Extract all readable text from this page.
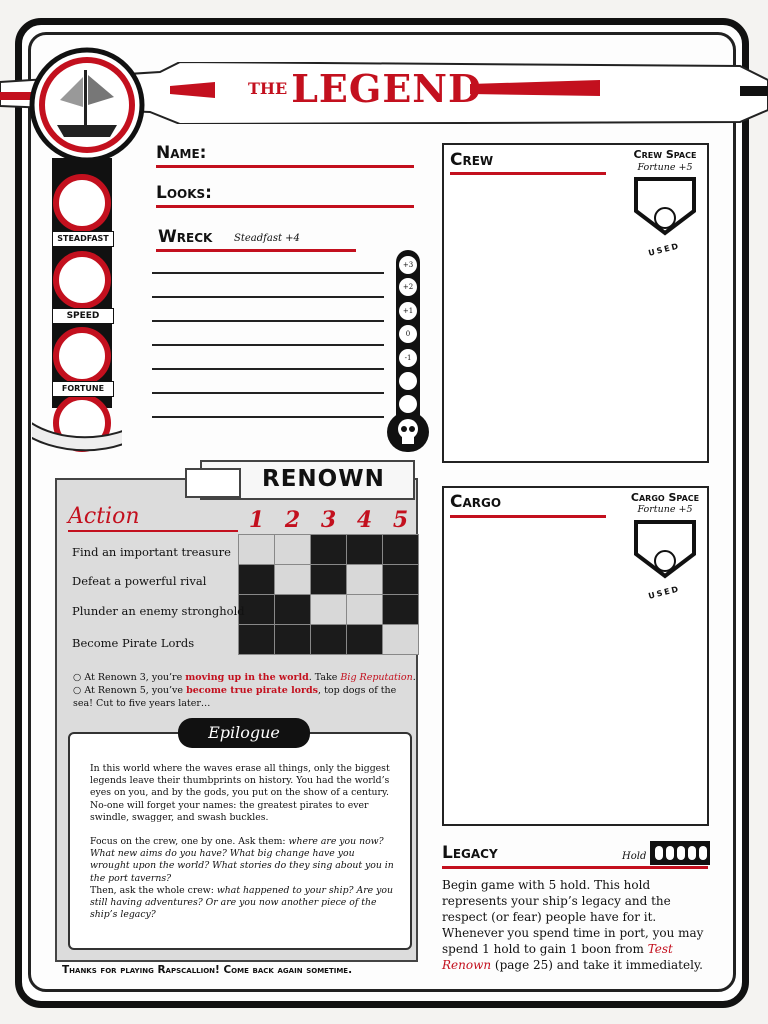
THE LEGEND
STEADFAST
SPEED
FORTUNE
Name:
Looks:
Wreck Steadfast +4
+3
+2
+1
0
-1
Crew	Crew Space
Fortune +5
USED
Cargo	Cargo Space
Fortune +5
USED
Legacy	Hold
Begin game with 5 hold. This hold represents your ship’s legacy and the respect (or fear) people have for it. Whenever you spend time in port, you may spend 1 hold to gain 1 boon from Test Renown (page 25) and take it immediately.
RENOWN
Action	1	2	3	4	5

Find an important treasure
Defeat a powerful rival
Plunder an enemy stronghold
Become Pirate Lords
○ At Renown 3, you’re moving up in the world. Take Big Reputation.
○ At Renown 5, you’ve become true pirate lords, top dogs of the sea! Cut to five years later…
Epilogue
In this world where the waves erase all things, only the biggest legends leave their thumbprints on history. You had the world’s eyes on you, and by the gods, you put on the show of a century. No-one will forget your names: the greatest pirates to ever swindle, swagger, and swash buckles.
Focus on the crew, one by one. Ask them: where are you now? What new aims do you have? What big change have you wrought upon the world? What stories do they sing about you in the port taverns?
Then, ask the whole crew: what happened to your ship? Are you still having adventures? Or are you now another piece of the ship’s legacy?
Thanks for playing Rapscallion! Come back again sometime.
